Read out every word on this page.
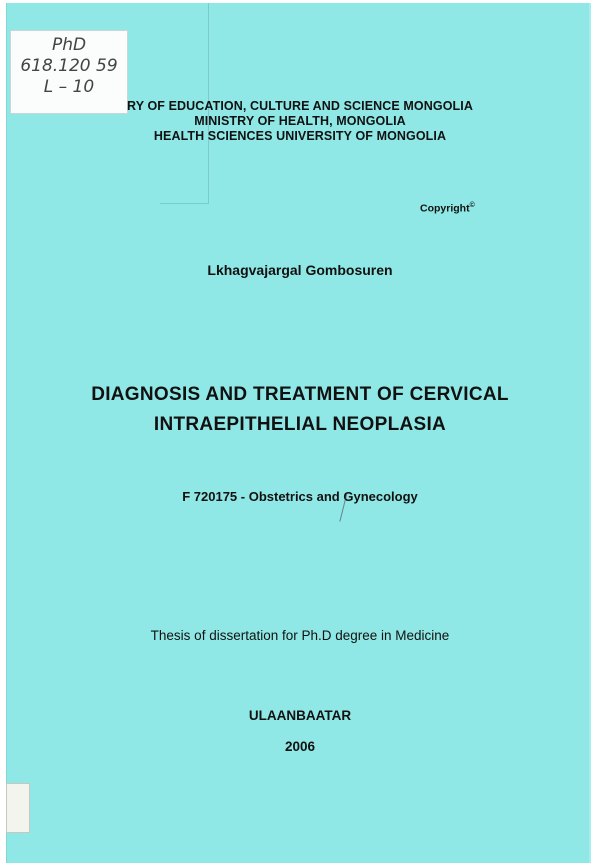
PhD
618.120 59
L – 10
RY OF EDUCATION, CULTURE AND SCIENCE MONGOLIA
MINISTRY OF HEALTH, MONGOLIA
HEALTH SCIENCES UNIVERSITY OF MONGOLIA
Copyright©
Lkhagvajargal Gombosuren
DIAGNOSIS AND TREATMENT OF CERVICAL
INTRAEPITHELIAL NEOPLASIA
F 720175 - Obstetrics and Gynecology
Thesis of dissertation for Ph.D degree in Medicine
ULAANBAATAR
2006
